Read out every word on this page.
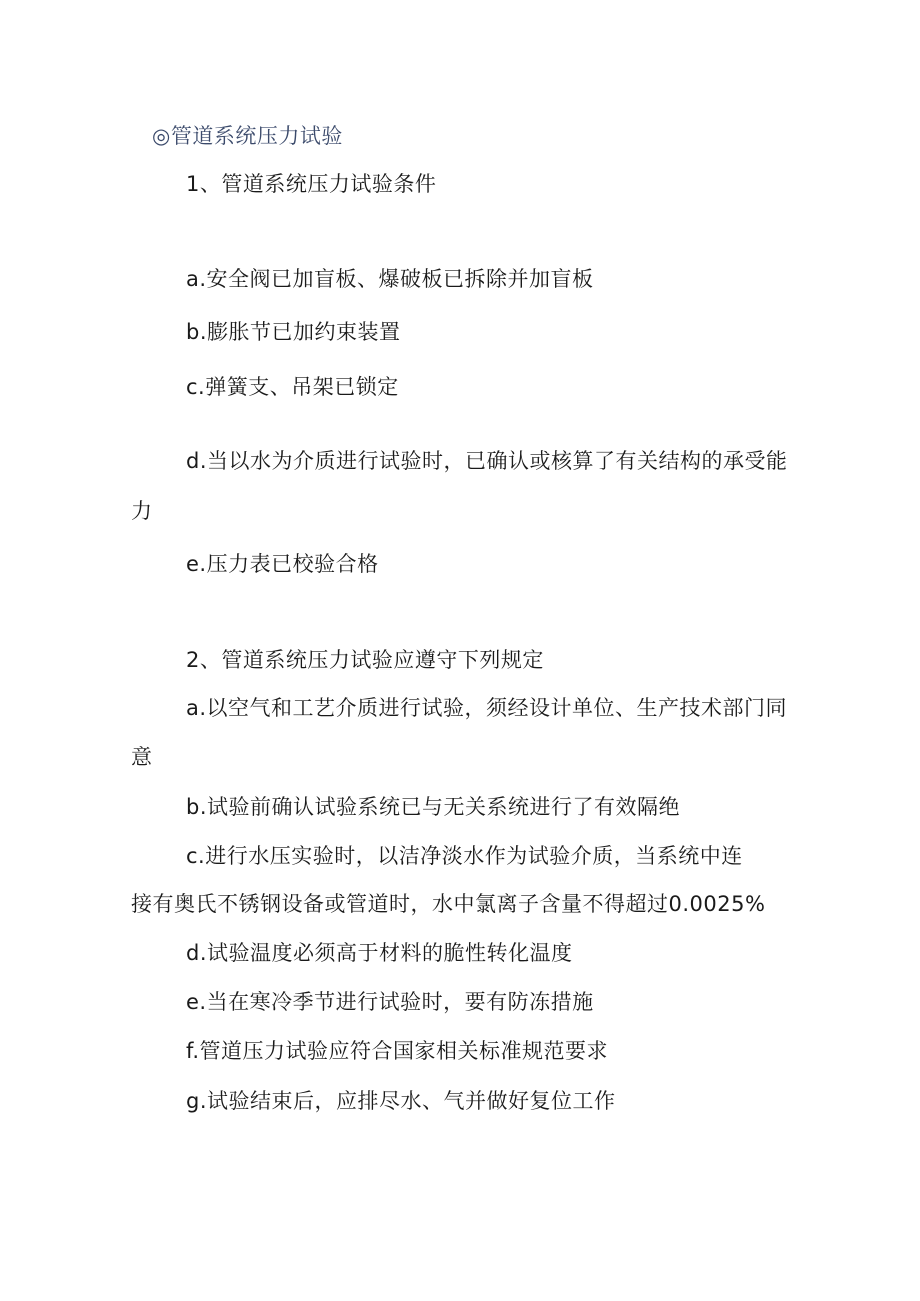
◎管道系统压力试验
1、管道系统压力试验条件
a.安全阀已加盲板、爆破板已拆除并加盲板
b.膨胀节已加约束装置
c.弹簧支、吊架已锁定
d.当以水为介质进行试验时，已确认或核算了有关结构的承受能
力
e.压力表已校验合格
2、管道系统压力试验应遵守下列规定
a.以空气和工艺介质进行试验，须经设计单位、生产技术部门同
意
b.试验前确认试验系统已与无关系统进行了有效隔绝
c.进行水压实验时，以洁净淡水作为试验介质，当系统中连
接有奥氏不锈钢设备或管道时，水中氯离子含量不得超过0.0025%
d.试验温度必须高于材料的脆性转化温度
e.当在寒冷季节进行试验时，要有防冻措施
f.管道压力试验应符合国家相关标准规范要求
g.试验结束后，应排尽水、气并做好复位工作
